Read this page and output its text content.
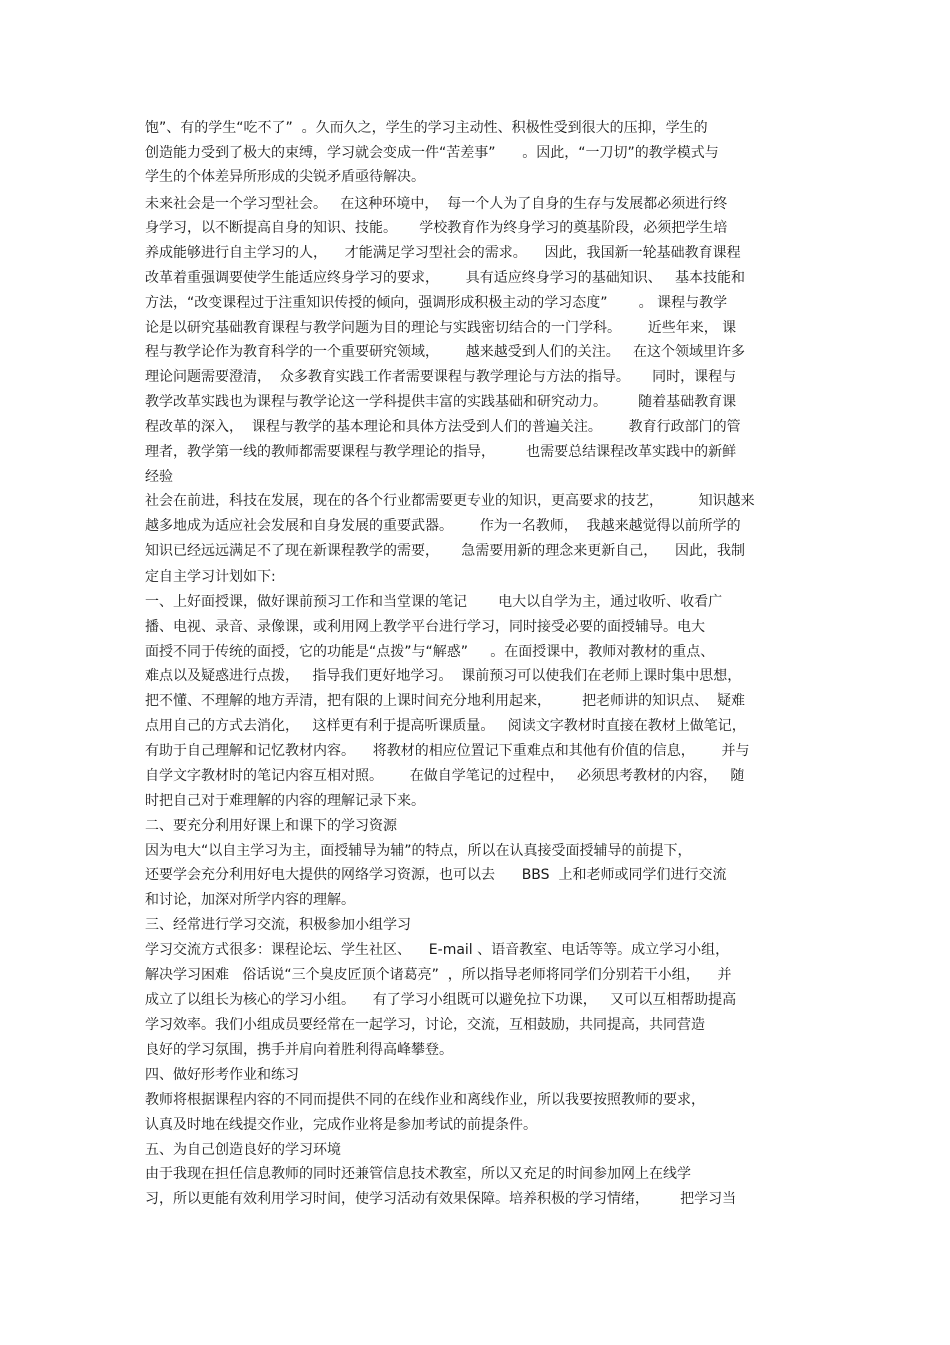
饱”、有的学生“吃不了”  。久而久之，学生的学习主动性、积极性受到很大的压抑，学生的
创造能力受到了极大的束缚，学习就会变成一件“苦差事”      。因此，“一刀切”的教学模式与
学生的个体差异所形成的尖锐矛盾亟待解决。
未来社会是一个学习型社会。   在这种环境中，  每一个人为了自身的生存与发展都必须进行终
身学习，以不断提高自身的知识、技能。     学校教育作为终身学习的奠基阶段，必须把学生培
养成能够进行自主学习的人，    才能满足学习型社会的需求。    因此，我国新一轮基础教育课程
改革着重强调要使学生能适应终身学习的要求，      具有适应终身学习的基础知识、   基本技能和
方法，“改变课程过于注重知识传授的倾向，强调形成积极主动的学习态度”       。 课程与教学
论是以研究基础教育课程与教学问题为目的理论与实践密切结合的一门学科。      近些年来， 课
程与教学论作为教育科学的一个重要研究领域，      越来越受到人们的关注。   在这个领域里许多
理论问题需要澄清，  众多教育实践工作者需要课程与教学理论与方法的指导。     同时，课程与
教学改革实践也为课程与教学论这一学科提供丰富的实践基础和研究动力。       随着基础教育课
程改革的深入，  课程与教学的基本理论和具体方法受到人们的普遍关注。      教育行政部门的管
理者，教学第一线的教师都需要课程与教学理论的指导，       也需要总结课程改革实践中的新鲜
经验
社会在前进，科技在发展，现在的各个行业都需要更专业的知识，更高要求的技艺，        知识越来
越多地成为适应社会发展和自身发展的重要武器。      作为一名教师，  我越来越觉得以前所学的
知识已经远远满足不了现在新课程教学的需要，     急需要用新的理念来更新自己，    因此，我制
定自主学习计划如下:
一、上好面授课，做好课前预习工作和当堂课的笔记       电大以自学为主，通过收听、收看广
播、电视、录音、录像课，或利用网上教学平台进行学习，同时接受必要的面授辅导。电大
面授不同于传统的面授，它的功能是“点拨”与“解惑”     。在面授课中，教师对教材的重点、
难点以及疑惑进行点拨，   指导我们更好地学习。  课前预习可以使我们在老师上课时集中思想，
把不懂、不理解的地方弄清，把有限的上课时间充分地利用起来，       把老师讲的知识点、  疑难
点用自己的方式去消化，   这样更有利于提高听课质量。   阅读文字教材时直接在教材上做笔记，
有助于自己理解和记忆教材内容。    将教材的相应位置记下重难点和其他有价值的信息，      并与
自学文字教材时的笔记内容互相对照。      在做自学笔记的过程中，   必须思考教材的内容，   随
时把自己对于难理解的内容的理解记录下来。
二、要充分利用好课上和课下的学习资源
因为电大“以自主学习为主，面授辅导为辅”的特点，所以在认真接受面授辅导的前提下，
还要学会充分利用好电大提供的网络学习资源，也可以去      BBS  上和老师或同学们进行交流
和讨论，加深对所学内容的理解。
三、经常进行学习交流，积极参加小组学习
学习交流方式很多：课程论坛、学生社区、    E-mail 、语音教室、电话等等。成立学习小组，
解决学习困难   俗话说“三个臭皮匠顶个诸葛亮”  ，所以指导老师将同学们分别若干小组，    并
成立了以组长为核心的学习小组。    有了学习小组既可以避免拉下功课，   又可以互相帮助提高
学习效率。我们小组成员要经常在一起学习，讨论，交流，互相鼓励，共同提高，共同营造
良好的学习氛围，携手并肩向着胜利得高峰攀登。
四、做好形考作业和练习
教师将根据课程内容的不同而提供不同的在线作业和离线作业，所以我要按照教师的要求，
认真及时地在线提交作业，完成作业将是参加考试的前提条件。
五、为自己创造良好的学习环境
由于我现在担任信息教师的同时还兼管信息技术教室，所以又充足的时间参加网上在线学
习，所以更能有效利用学习时间，使学习活动有效果保障。培养积极的学习情绪，       把学习当
